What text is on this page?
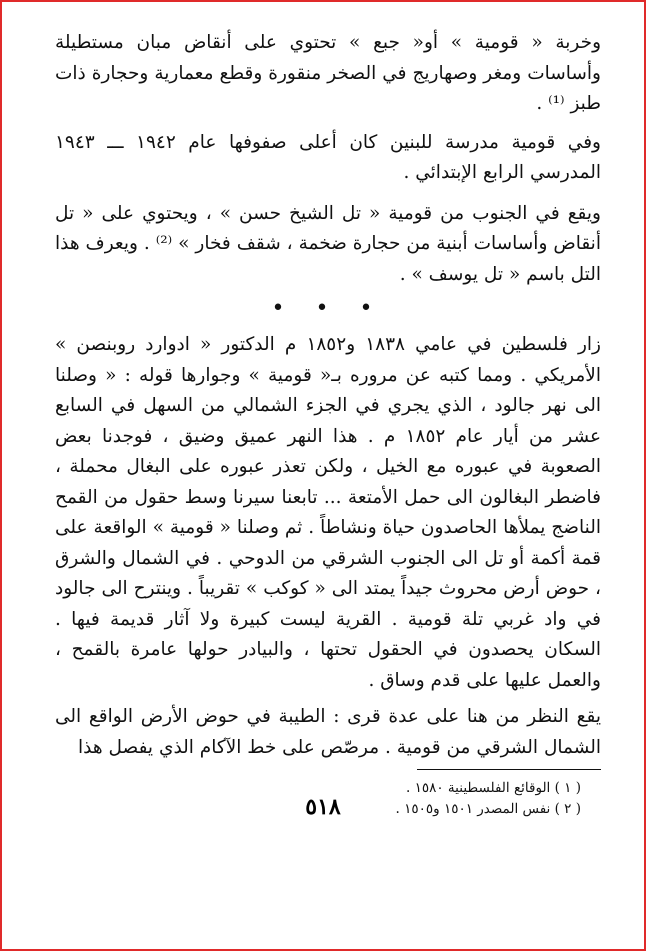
وخربة « قومية » أو« جبع » تحتوي على أنقاض مبان مستطيلة وأساسات ومغر وصهاريج في الصخر منقورة وقطع معمارية وحجارة ذات طبز ⁽¹⁾ .

وفي قومية مدرسة للبنين كان أعلى صفوفها عام ١٩٤٢ ـــ ١٩٤٣ المدرسي الرابع الإبتدائي .

ويقع في الجنوب من قومية « تل الشيخ حسن » ، ويحتوي على « تل أنقاض وأساسات أبنية من حجارة ضخمة ، شقف فخار » ⁽²⁾ . ويعرف هذا التل باسم « تل يوسف » .

• • •

زار فلسطين في عامي ١٨٣٨ و١٨٥٢ م الدكتور « ادوارد روبنصن » الأمريكي . ومما كتبه عن مروره بـ« قومية » وجوارها قوله : « وصلنا الى نهر جالود ، الذي يجري في الجزء الشمالي من السهل في السابع عشر من أيار عام ١٨٥٢ م . هذا النهر عميق وضيق ، فوجدنا بعض الصعوبة في عبوره مع الخيل ، ولكن تعذر عبوره على البغال محملة ، فاضطر البغالون الى حمل الأمتعة ... تابعنا سيرنا وسط حقول من القمح الناضج يملأها الحاصدون حياة ونشاطاً . ثم وصلنا « قومية » الواقعة على قمة أكمة أو تل الى الجنوب الشرقي من الدوحي . في الشمال والشرق ، حوض أرض محروث جيداً يمتد الى « كوكب » تقريباً . وينترح الى جالود في واد غربي تلة قومية . القرية ليست كبيرة ولا آثار قديمة فيها . السكان يحصدون في الحقول تحتها ، والبيادر حولها عامرة بالقمح ، والعمل عليها على قدم وساق .

يقع النظر من هنا على عدة قرى : الطيبة في حوض الأرض الواقع الى الشمال الشرقي من قومية . مرصّص على خط الآكام الذي يفصل هذا

( ١ ) الوقائع الفلسطينية ١٥٨٠ .

( ٢ ) نفس المصدر ١٥٠١ و١٥٠٥ .

٥١٨
